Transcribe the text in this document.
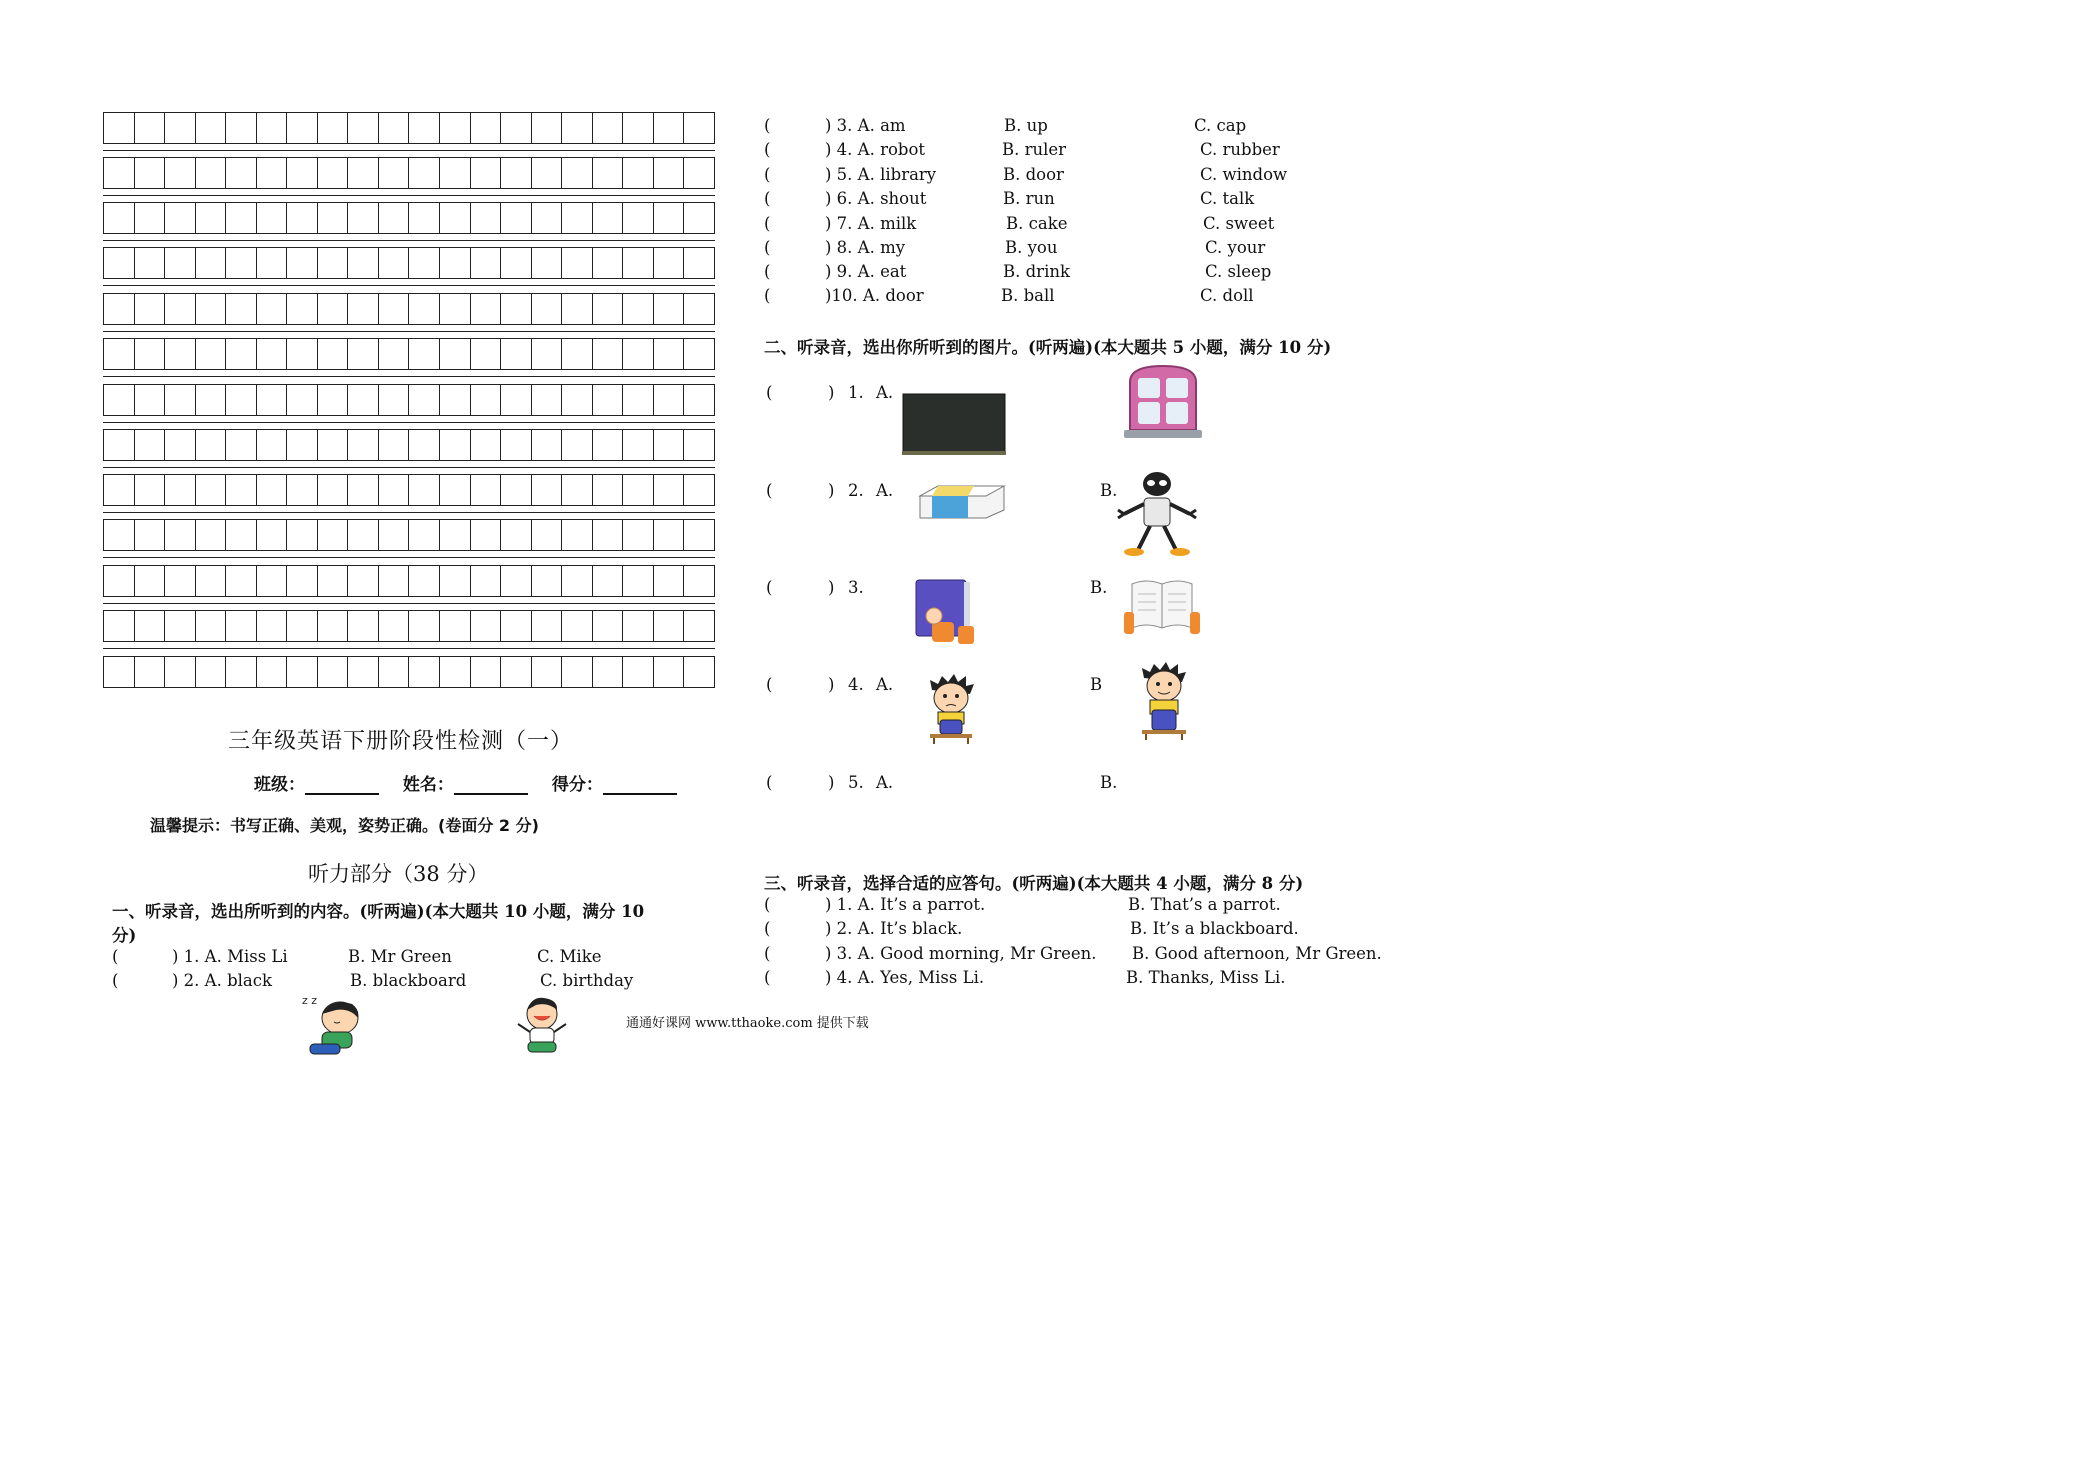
三年级英语下册阶段性检测（一）
班级：	姓名：	得分：
温馨提示：书写正确、美观，姿势正确。(卷面分 2 分)
听力部分（38 分）
一、听录音，选出所听到的内容。(听两遍)(本大题共 10 小题，满分 10
分)
(	) 1. A. Miss Li	B. Mr Green	C. Mike
(	) 2. A. black	B. blackboard	C. birthday
z z
通通好课网 www.tthaoke.com 提供下载
(	) 3. A. am	B. up	C. cap
(	) 4. A. robot	B. ruler	C. rubber
(	) 5. A. library	B. door	C. window
(	) 6. A. shout	B. run	C. talk
(	) 7. A. milk	B. cake	C. sweet
(	) 8. A. my	B. you	C. your
(	) 9. A. eat	B. drink	C. sleep
(	)10. A. door	B. ball	C. doll
二、听录音，选出你所听到的图片。(听两遍)(本大题共 5 小题，满分 10 分)
(	) 1. A.
(	) 2. A.	B.
(	) 3.	B.
(	) 4. A.	B
(	) 5. A.	B.
三、听录音，选择合适的应答句。(听两遍)(本大题共 4 小题，满分 8 分)
(	) 1. A. It’s a parrot.	B. That’s a parrot.
(	) 2. A. It’s black.	B. It’s a blackboard.
(	) 3. A. Good morning, Mr Green. B. Good afternoon, Mr Green.
(	) 4. A. Yes, Miss Li.	B. Thanks, Miss Li.
